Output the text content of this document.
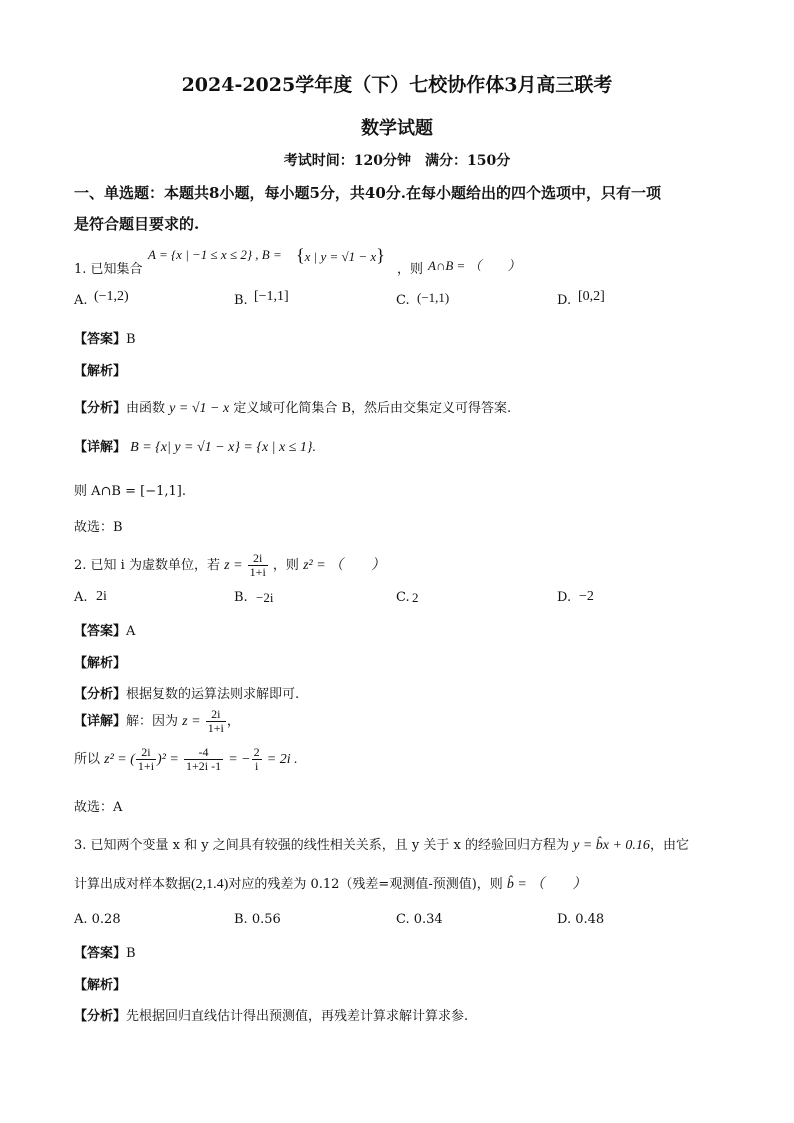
2024-2025学年度（下）七校协作体3月高三联考
数学试题
考试时间：120分钟　满分：150分
一、单选题：本题共8小题，每小题5分，共40分.在每小题给出的四个选项中，只有一项
是符合题目要求的.
1. 已知集合
A = {x | −1 ≤ x ≤ 2} , B = {x | y = √1 − x}
，则 A∩B = （　　）
A. (−1,2)	B. [−1,1]	C. (−1,1)	D. [0,2]
【答案】B
【解析】
【分析】由函数 y = √1 − x 定义域可化简集合 B，然后由交集定义可得答案.
【详解】 B = {x| y = √1 − x} = {x | x ≤ 1}.
则 A∩B = [−1,1].
故选：B
2. 已知 i 为虚数单位，若 $z = \frac{2i}{1+i}$ ，则 z² = （　　）
A. 2i	B. −2i	C. 2	D. −2
【答案】A
【解析】
【分析】根据复数的运算法则求解即可.
【详解】解：因为 $z = \frac{2i}{1+i}$ ，
所以 z² = ( $\frac{2i}{1+i} )^2 = \frac{-4}{1+2i -1}$ = − $\frac{2}{i} = 2i$ .
故选：A
3. 已知两个变量 x 和 y 之间具有较强的线性相关关系，且 y 关于 x 的经验回归方程为 y = b̂x + 0.16，由它
计算出成对样本数据(2,1.4)对应的残差为 0.12（残差=观测值-预测值)，则 b̂ = （　　）
A. 0.28	B. 0.56	C. 0.34	D. 0.48
【答案】B
【解析】
【分析】先根据回归直线估计得出预测值，再残差计算求解计算求参.
